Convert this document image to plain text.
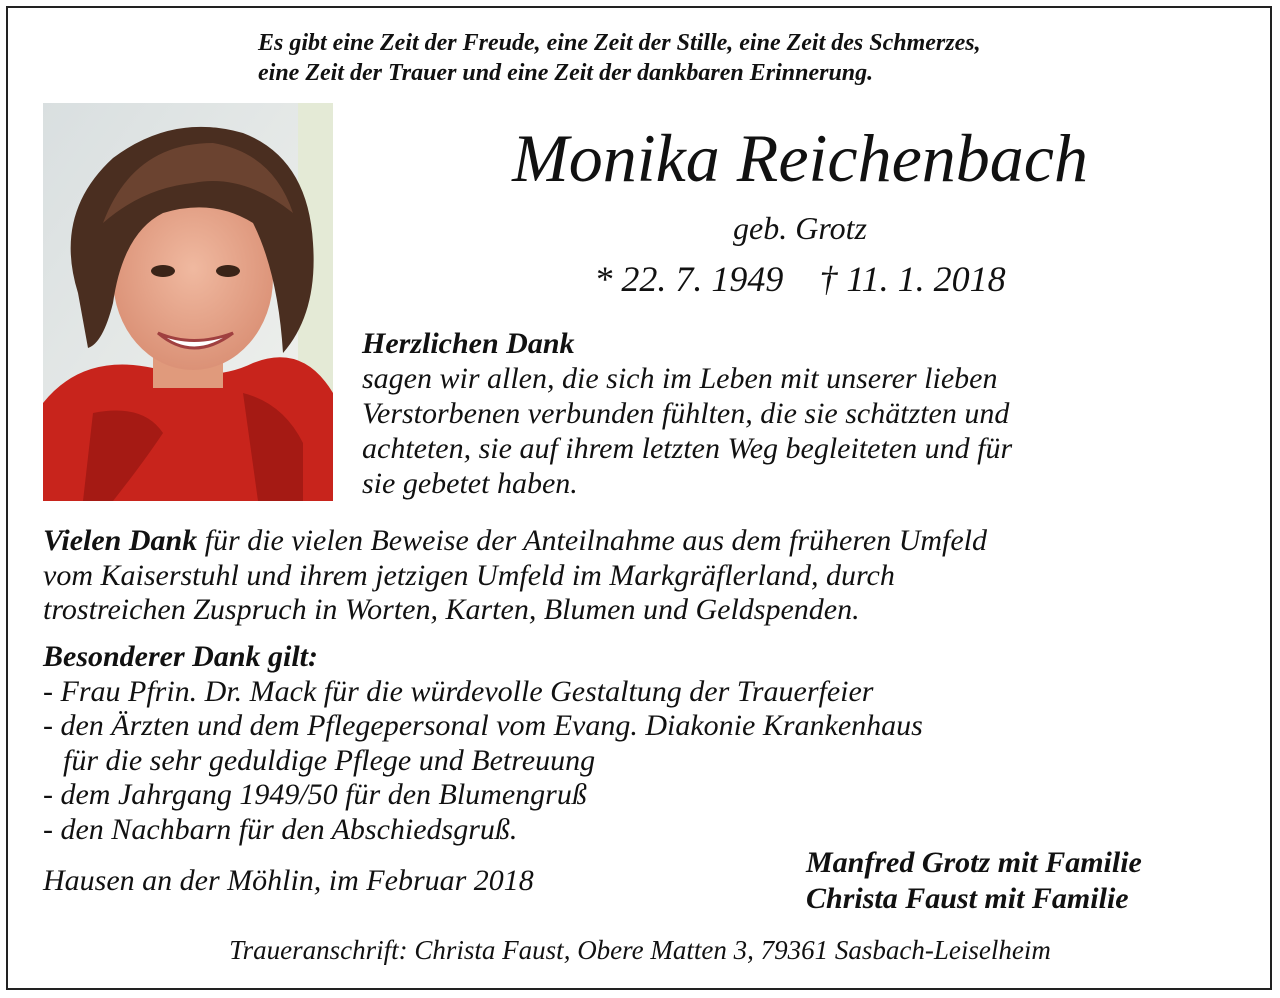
Es gibt eine Zeit der Freude, eine Zeit der Stille, eine Zeit des Schmerzes,
eine Zeit der Trauer und eine Zeit der dankbaren Erinnerung.
Monika Reichenbach
geb. Grotz
* 22. 7. 1949    † 11. 1. 2018
Herzlichen Dank
sagen wir allen, die sich im Leben mit unserer lieben
Verstorbenen verbunden fühlten, die sie schätzten und
achteten, sie auf ihrem letzten Weg begleiteten und für
sie gebetet haben.
Vielen Dank für die vielen Beweise der Anteilnahme aus dem früheren Umfeld
vom Kaiserstuhl und ihrem jetzigen Umfeld im Markgräflerland, durch
trostreichen Zuspruch in Worten, Karten, Blumen und Geldspenden.
Besonderer Dank gilt:
- Frau Pfrin. Dr. Mack für die würdevolle Gestaltung der Trauerfeier
- den Ärzten und dem Pflegepersonal vom Evang. Diakonie Krankenhaus
für die sehr geduldige Pflege und Betreuung
- dem Jahrgang 1949/50 für den Blumengruß
- den Nachbarn für den Abschiedsgruß.
Hausen an der Möhlin, im Februar 2018
Manfred Grotz mit Familie
Christa Faust mit Familie
Traueranschrift: Christa Faust, Obere Matten 3, 79361 Sasbach-Leiselheim
